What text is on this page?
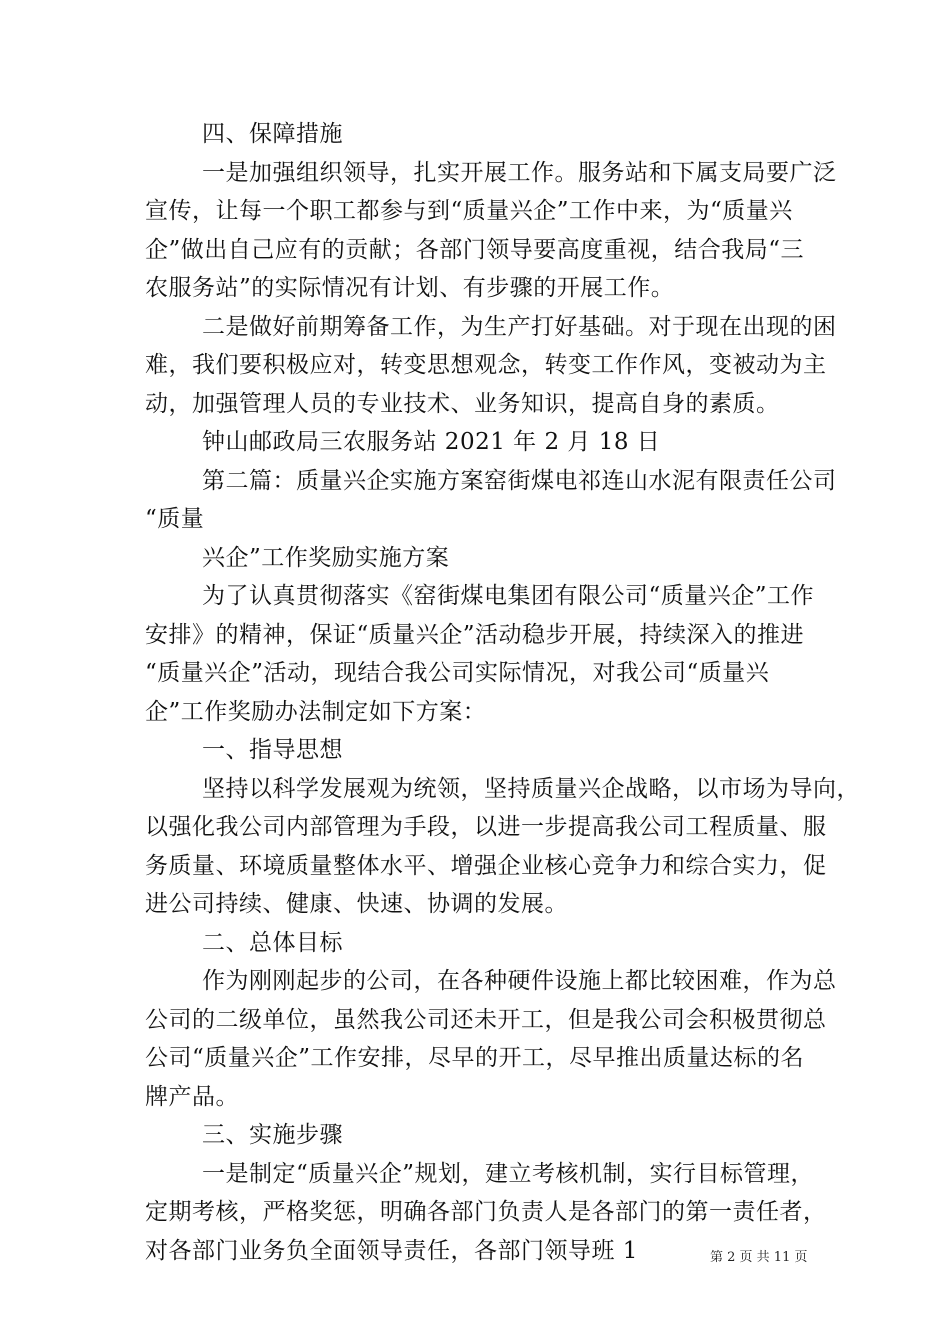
四、保障措施
一是加强组织领导，扎实开展工作。服务站和下属支局要广泛
宣传，让每一个职工都参与到“质量兴企”工作中来，为“质量兴
企”做出自己应有的贡献；各部门领导要高度重视，结合我局“三
农服务站”的实际情况有计划、有步骤的开展工作。
二是做好前期筹备工作，为生产打好基础。对于现在出现的困
难，我们要积极应对，转变思想观念，转变工作作风，变被动为主
动，加强管理人员的专业技术、业务知识，提高自身的素质。
钟山邮政局三农服务站 2021 年 2 月 18 日
第二篇：质量兴企实施方案窑街煤电祁连山水泥有限责任公司
“质量
兴企”工作奖励实施方案
为了认真贯彻落实《窑街煤电集团有限公司“质量兴企”工作
安排》的精神，保证“质量兴企”活动稳步开展，持续深入的推进
“质量兴企”活动，现结合我公司实际情况，对我公司“质量兴
企”工作奖励办法制定如下方案：
一、指导思想
坚持以科学发展观为统领，坚持质量兴企战略，以市场为导向，
以强化我公司内部管理为手段，以进一步提高我公司工程质量、服
务质量、环境质量整体水平、增强企业核心竞争力和综合实力，促
进公司持续、健康、快速、协调的发展。
二、总体目标
作为刚刚起步的公司，在各种硬件设施上都比较困难，作为总
公司的二级单位，虽然我公司还未开工，但是我公司会积极贯彻总
公司“质量兴企”工作安排，尽早的开工，尽早推出质量达标的名
牌产品。
三、实施步骤
一是制定“质量兴企”规划，建立考核机制，实行目标管理，
定期考核，严格奖惩，明确各部门负责人是各部门的第一责任者，
对各部门业务负全面领导责任，各部门领导班 1	第 2 页 共 11 页
